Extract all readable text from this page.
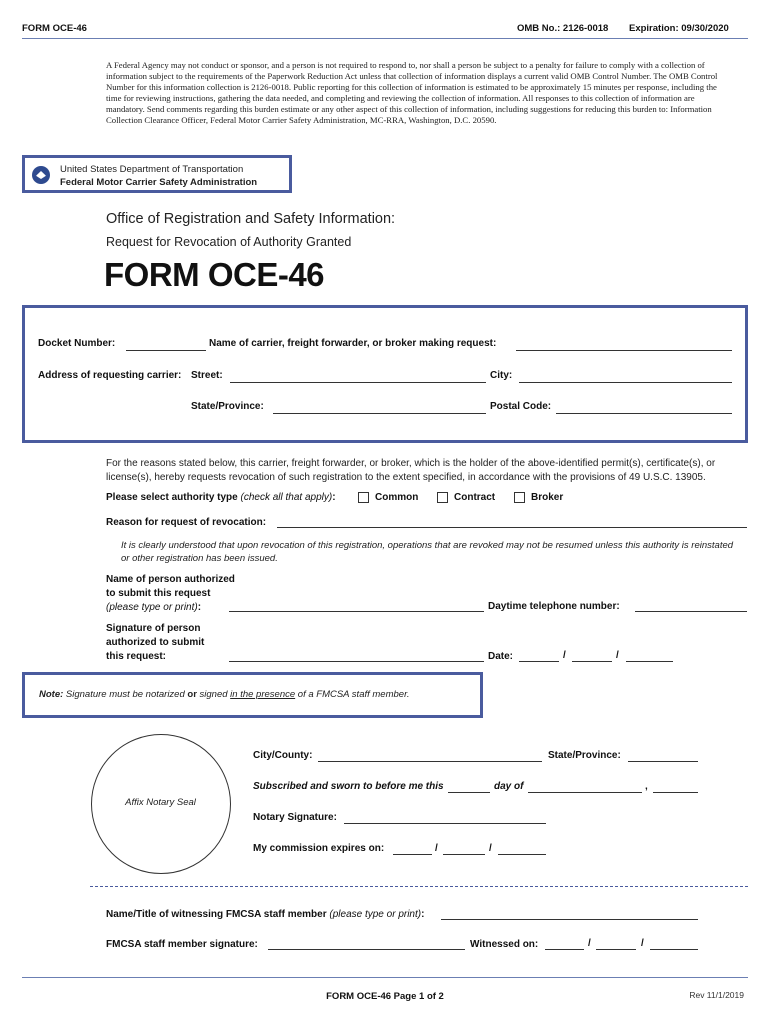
FORM OCE-46	OMB No.: 2126-0018 Expiration: 09/30/2020
A Federal Agency may not conduct or sponsor, and a person is not required to respond to, nor shall a person be subject to a penalty for failure to comply with a collection of information subject to the requirements of the Paperwork Reduction Act unless that collection of information displays a current valid OMB Control Number. The OMB Control Number for this information collection is 2126-0018. Public reporting for this collection of information is estimated to be approximately 15 minutes per response, including the time for reviewing instructions, gathering the data needed, and completing and reviewing the collection of information. All responses to this collection of information are mandatory. Send comments regarding this burden estimate or any other aspect of this collection of information, including suggestions for reducing this burden to: Information Collection Clearance Officer, Federal Motor Carrier Safety Administration, MC-RRA, Washington, D.C. 20590.
United States Department of Transportation
Federal Motor Carrier Safety Administration
Office of Registration and Safety Information:
Request for Revocation of Authority Granted
FORM OCE-46
Docket Number:	Name of carrier, freight forwarder, or broker making request:
Address of requesting carrier: Street:	City:
State/Province:	Postal Code:
For the reasons stated below, this carrier, freight forwarder, or broker, which is the holder of the above-identified permit(s), certificate(s), or license(s), hereby requests revocation of such registration to the extent specified, in accordance with the provisions of 49 U.S.C. 13905.
Please select authority type (check all that apply):	Common	Contract	Broker
Reason for request of revocation:
It is clearly understood that upon revocation of this registration, operations that are revoked may not be resumed unless this authority is reinstated or other registration has been issued.
Name of person authorized
to submit this request
(please type or print):	Daytime telephone number:
Signature of person
authorized to submit
this request:	Date:	/	/
Note: Signature must be notarized or signed in the presence of a FMCSA staff member.
Affix Notary Seal
City/County:	State/Province:
Subscribed and sworn to before me this	day of	,
Notary Signature:
My commission expires on:	/	/
Name/Title of witnessing FMCSA staff member (please type or print):
FMCSA staff member signature:	Witnessed on:	/	/
FORM OCE-46 Page 1 of 2	Rev 11/1/2019
